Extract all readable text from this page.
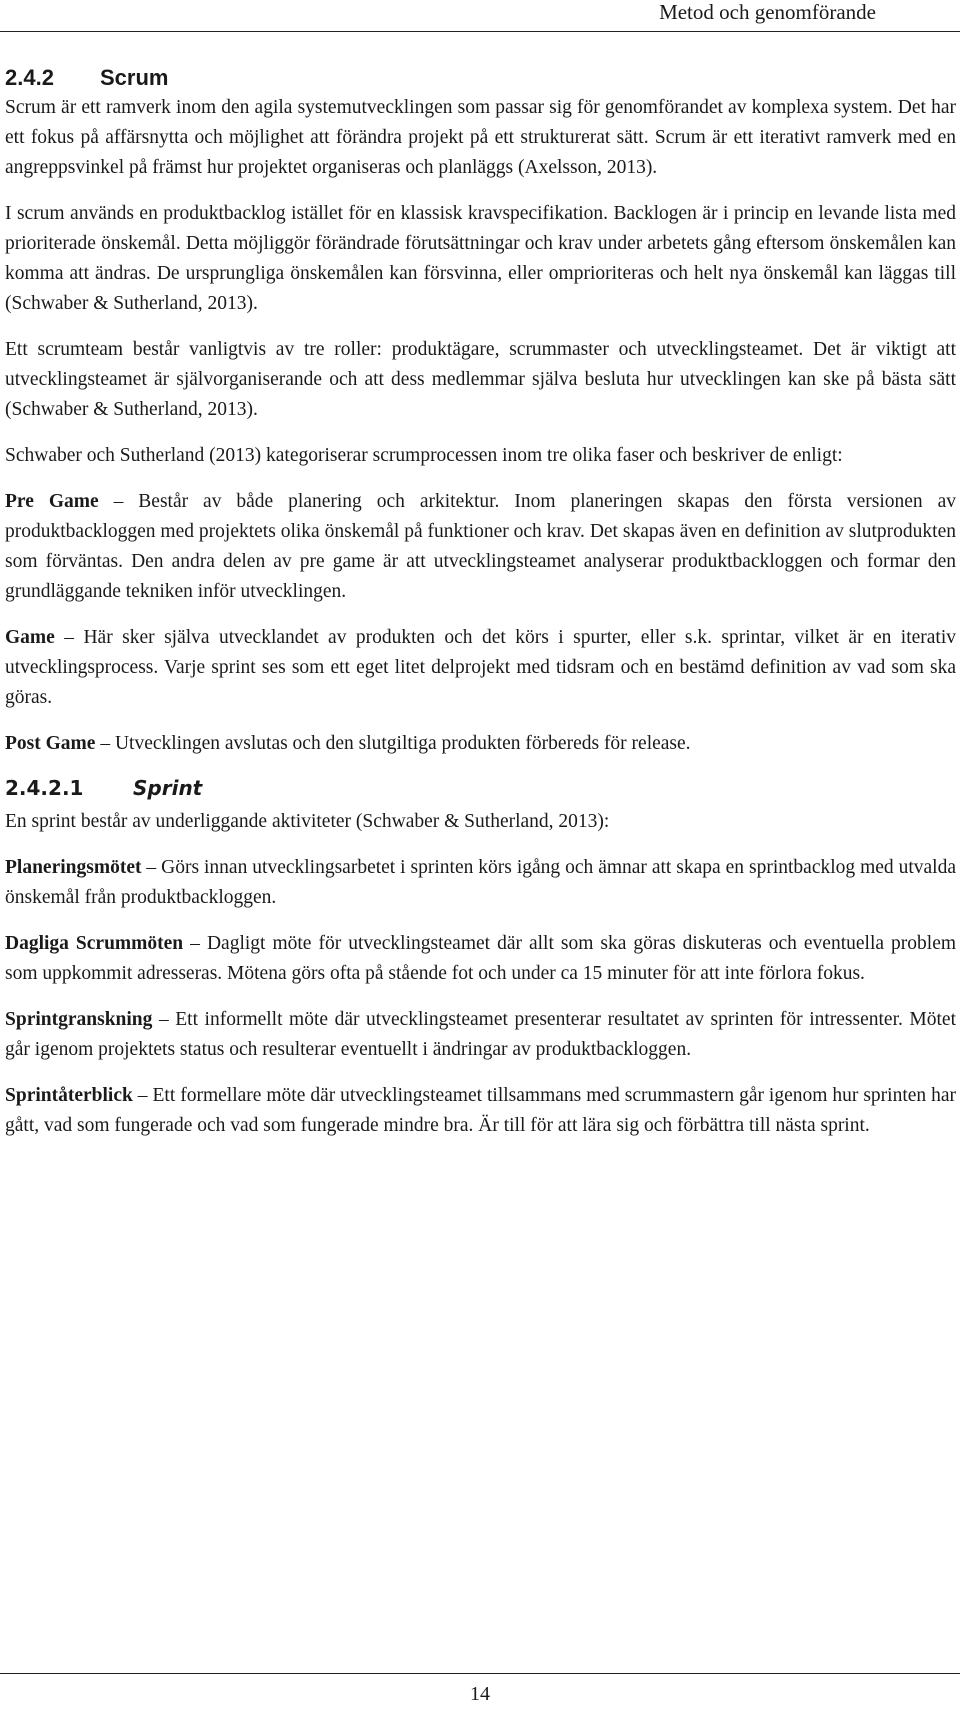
Metod och genomförande
2.4.2 Scrum

Scrum är ett ramverk inom den agila systemutvecklingen som passar sig för genomförandet av komplexa system. Det har ett fokus på affärsnytta och möjlighet att förändra projekt på ett strukturerat sätt. Scrum är ett iterativt ramverk med en angreppsvinkel på främst hur projektet organiseras och planläggs (Axelsson, 2013).

I scrum används en produktbacklog istället för en klassisk kravspecifikation. Backlogen är i princip en levande lista med prioriterade önskemål. Detta möjliggör förändrade förutsättningar och krav under arbetets gång eftersom önskemålen kan komma att ändras. De ursprungliga önskemålen kan försvinna, eller omprioriteras och helt nya önskemål kan läggas till (Schwaber & Sutherland, 2013).

Ett scrumteam består vanligtvis av tre roller: produktägare, scrummaster och utvecklingsteamet. Det är viktigt att utvecklingsteamet är självorganiserande och att dess medlemmar själva besluta hur utvecklingen kan ske på bästa sätt (Schwaber & Sutherland, 2013).

Schwaber och Sutherland (2013) kategoriserar scrumprocessen inom tre olika faser och beskriver de enligt:

Pre Game – Består av både planering och arkitektur. Inom planeringen skapas den första versionen av produktbackloggen med projektets olika önskemål på funktioner och krav. Det skapas även en definition av slutprodukten som förväntas. Den andra delen av pre game är att utvecklingsteamet analyserar produktbackloggen och formar den grundläggande tekniken inför utvecklingen.

Game – Här sker själva utvecklandet av produkten och det körs i spurter, eller s.k. sprintar, vilket är en iterativ utvecklingsprocess. Varje sprint ses som ett eget litet delprojekt med tidsram och en bestämd definition av vad som ska göras.

Post Game – Utvecklingen avslutas och den slutgiltiga produkten förbereds för release.

2.4.2.1 Sprint

En sprint består av underliggande aktiviteter (Schwaber & Sutherland, 2013):

Planeringsmötet – Görs innan utvecklingsarbetet i sprinten körs igång och ämnar att skapa en sprintbacklog med utvalda önskemål från produktbackloggen.

Dagliga Scrummöten – Dagligt möte för utvecklingsteamet där allt som ska göras diskuteras och eventuella problem som uppkommit adresseras. Mötena görs ofta på stående fot och under ca 15 minuter för att inte förlora fokus.

Sprintgranskning – Ett informellt möte där utvecklingsteamet presenterar resultatet av sprinten för intressenter. Mötet går igenom projektets status och resulterar eventuellt i ändringar av produktbackloggen.

Sprintåterblick – Ett formellare möte där utvecklingsteamet tillsammans med scrummastern går igenom hur sprinten har gått, vad som fungerade och vad som fungerade mindre bra. Är till för att lära sig och förbättra till nästa sprint.

14
